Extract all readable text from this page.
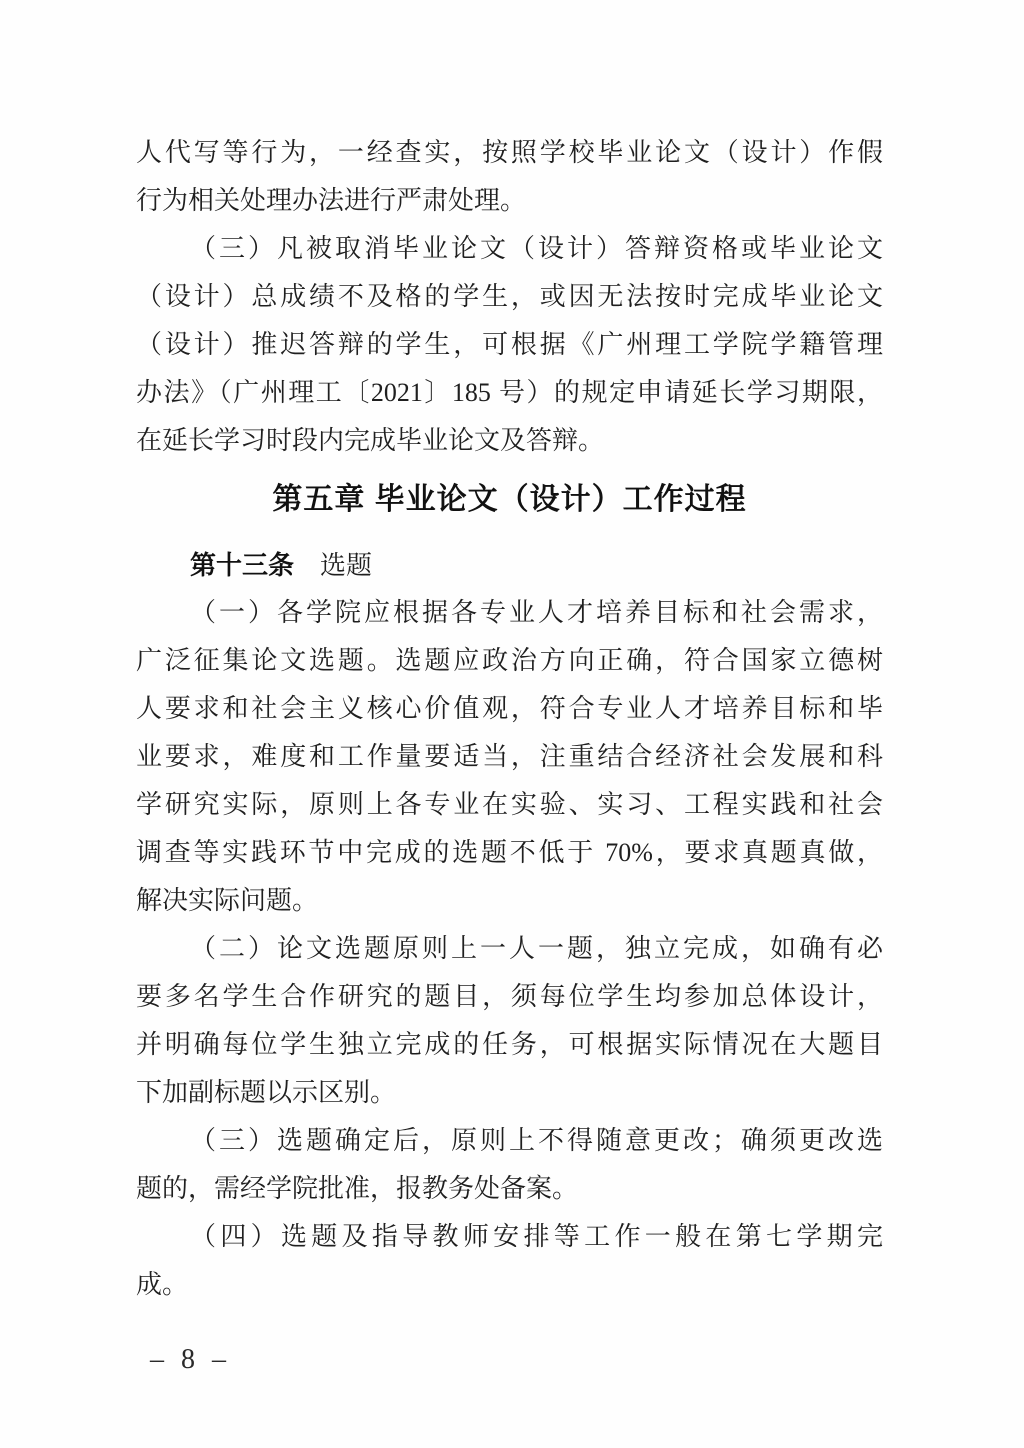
人代写等行为，一经查实，按照学校毕业论文（设计）作假
行为相关处理办法进行严肃处理。
（三）凡被取消毕业论文（设计）答辩资格或毕业论文
（设计）总成绩不及格的学生，或因无法按时完成毕业论文
（设计）推迟答辩的学生，可根据《广州理工学院学籍管理
办法》（广州理工〔2021〕185 号）的规定申请延长学习期限，
在延长学习时段内完成毕业论文及答辩。
第五章 毕业论文（设计）工作过程
第十三条　选题
（一）各学院应根据各专业人才培养目标和社会需求，
广泛征集论文选题。选题应政治方向正确，符合国家立德树
人要求和社会主义核心价值观，符合专业人才培养目标和毕
业要求，难度和工作量要适当，注重结合经济社会发展和科
学研究实际，原则上各专业在实验、实习、工程实践和社会
调查等实践环节中完成的选题不低于 70%，要求真题真做，
解决实际问题。
（二）论文选题原则上一人一题，独立完成，如确有必
要多名学生合作研究的题目，须每位学生均参加总体设计，
并明确每位学生独立完成的任务，可根据实际情况在大题目
下加副标题以示区别。
（三）选题确定后，原则上不得随意更改；确须更改选
题的，需经学院批准，报教务处备案。
（四）选题及指导教师安排等工作一般在第七学期完
成。
– 8 –
